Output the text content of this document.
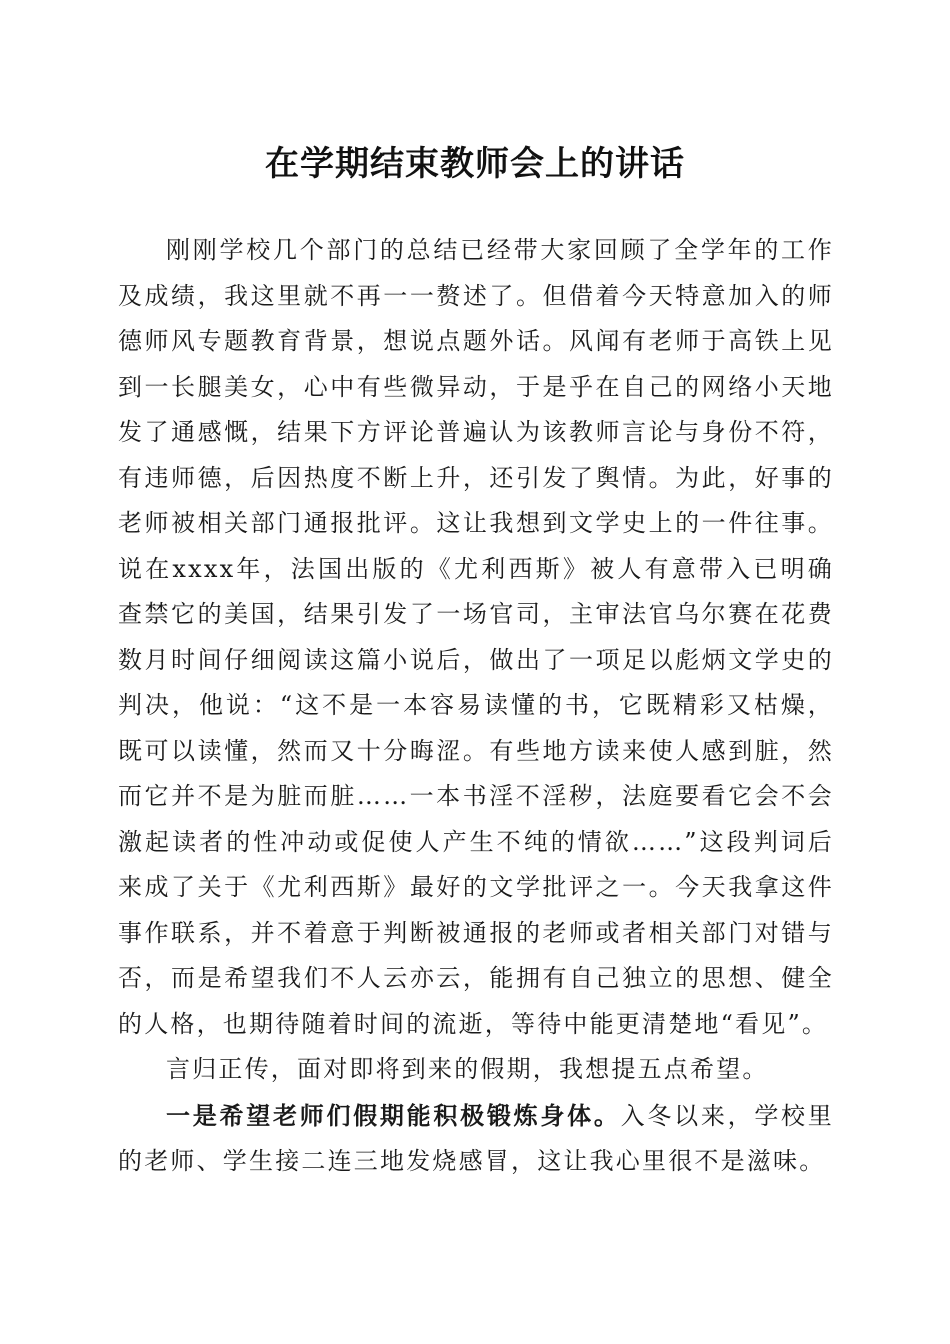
在学期结束教师会上的讲话

刚刚学校几个部门的总结已经带大家回顾了全学年的工作及成绩，我这里就不再一一赘述了。但借着今天特意加入的师德师风专题教育背景，想说点题外话。风闻有老师于高铁上见到一长腿美女，心中有些微异动，于是乎在自己的网络小天地发了通感慨，结果下方评论普遍认为该教师言论与身份不符，有违师德，后因热度不断上升，还引发了舆情。为此，好事的老师被相关部门通报批评。这让我想到文学史上的一件往事。说在xxxx年，法国出版的《尤利西斯》被人有意带入已明确查禁它的美国，结果引发了一场官司，主审法官乌尔赛在花费数月时间仔细阅读这篇小说后，做出了一项足以彪炳文学史的判决，他说：“这不是一本容易读懂的书，它既精彩又枯燥，既可以读懂，然而又十分晦涩。有些地方读来使人感到脏，然而它并不是为脏而脏……一本书淫不淫秽，法庭要看它会不会激起读者的性冲动或促使人产生不纯的情欲……”这段判词后来成了关于《尤利西斯》最好的文学批评之一。今天我拿这件事作联系，并不着意于判断被通报的老师或者相关部门对错与否，而是希望我们不人云亦云，能拥有自己独立的思想、健全的人格，也期待随着时间的流逝，等待中能更清楚地“看见”。

言归正传，面对即将到来的假期，我想提五点希望。

一是希望老师们假期能积极锻炼身体。入冬以来，学校里的老师、学生接二连三地发烧感冒，这让我心里很不是滋味。
